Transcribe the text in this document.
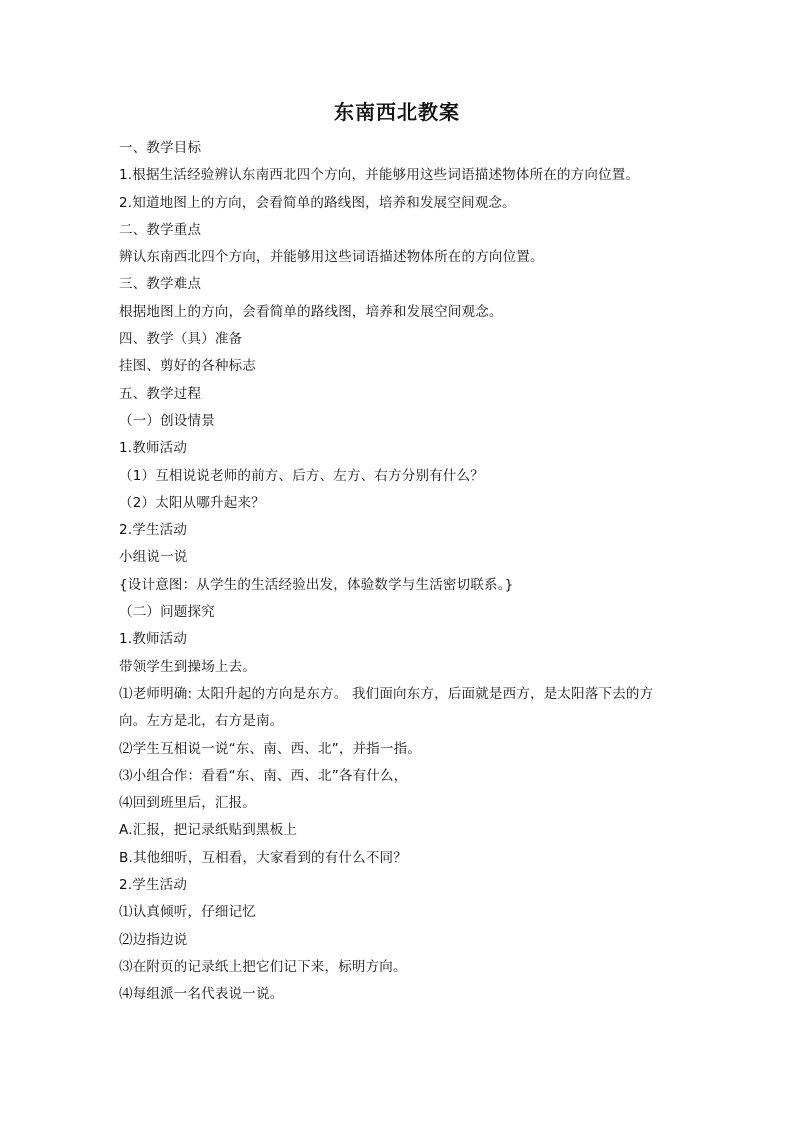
东南西北教案
一、教学目标
1.根据生活经验辨认东南西北四个方向，并能够用这些词语描述物体所在的方向位置。
2.知道地图上的方向，会看简单的路线图，培养和发展空间观念。
二、教学重点
辨认东南西北四个方向，并能够用这些词语描述物体所在的方向位置。
三、教学难点
根据地图上的方向，会看简单的路线图，培养和发展空间观念。
四、教学（具）准备
挂图、剪好的各种标志
五、教学过程
（一）创设情景
1.教师活动
（1）互相说说老师的前方、后方、左方、右方分别有什么？
（2）太阳从哪升起来？
2.学生活动
小组说一说
{设计意图：从学生的生活经验出发，体验数学与生活密切联系。}
（二）问题探究
1.教师活动
带领学生到操场上去。
⑴老师明确: 太阳升起的方向是东方。 我们面向东方，后面就是西方，是太阳落下去的方
向。左方是北，右方是南。
⑵学生互相说一说“东、南、西、北”，并指一指。
⑶小组合作：看看“东、南、西、北”各有什么，
⑷回到班里后，汇报。
A.汇报，把记录纸贴到黑板上
B.其他细听，互相看，大家看到的有什么不同？
2.学生活动
⑴认真倾听，仔细记忆
⑵边指边说
⑶在附页的记录纸上把它们记下来，标明方向。
⑷每组派一名代表说一说。
